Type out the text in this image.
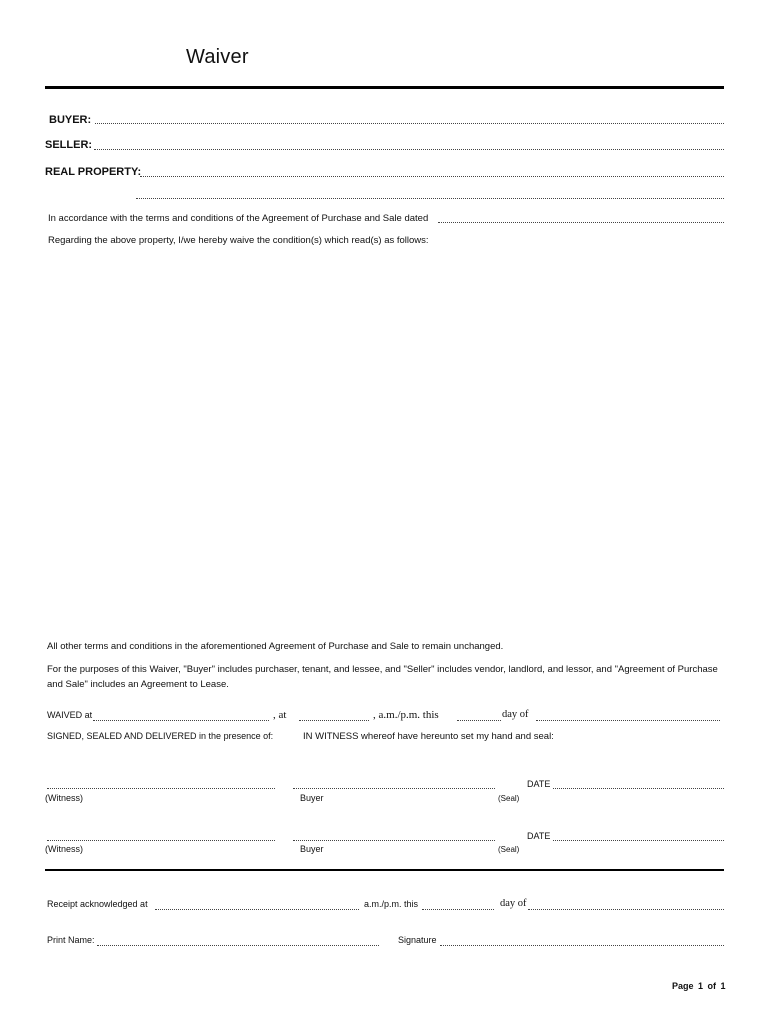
Waiver
BUYER:
SELLER:
REAL PROPERTY:
In accordance with the terms and conditions of the Agreement of Purchase and Sale dated
Regarding the above property, I/we hereby waive the condition(s) which read(s) as follows:
All other terms and conditions in the aforementioned Agreement of Purchase and Sale to remain unchanged.
For the purposes of this Waiver, "Buyer" includes purchaser, tenant, and lessee, and "Seller" includes vendor, landlord, and lessor, and "Agreement of Purchase and Sale" includes an Agreement to Lease.
WAIVED at	, at	, a.m./p.m. this	day of
SIGNED, SEALED AND DELIVERED in the presence of:	IN WITNESS whereof have hereunto set my hand and seal:
DATE
(Witness)	Buyer	(Seal)
DATE
(Witness)	Buyer	(Seal)
Receipt acknowledged at	a.m./p.m. this	day of
Print Name:	Signature
Page 1 of 1
